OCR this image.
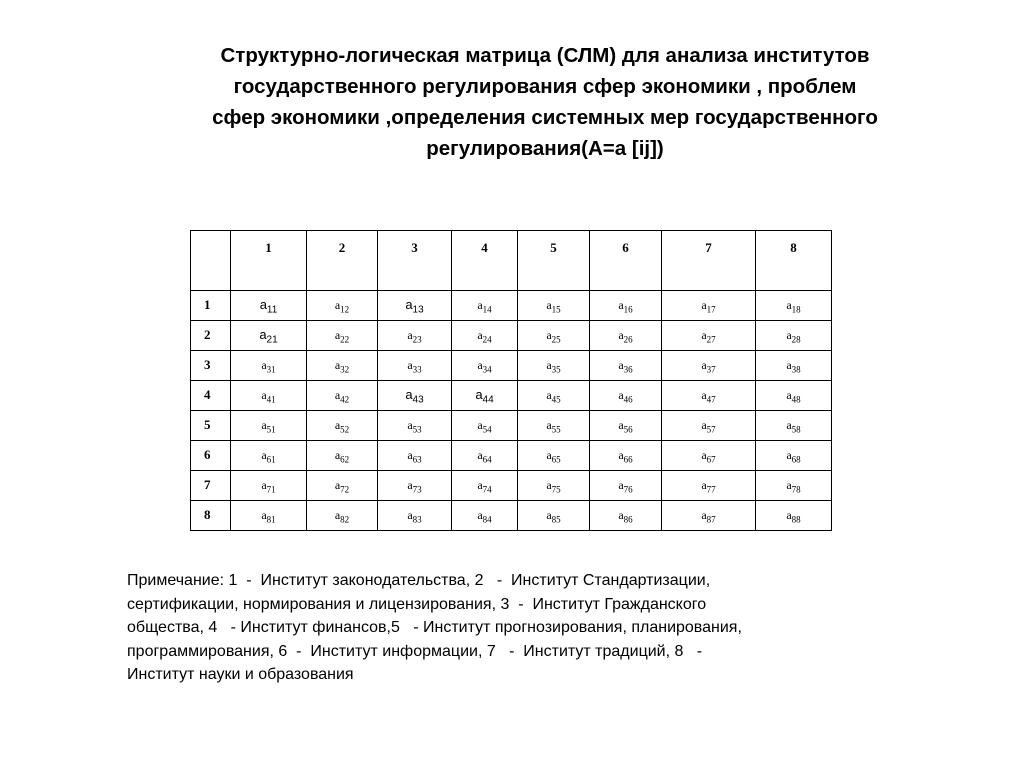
Структурно-логическая матрица (СЛМ) для анализа институтов
государственного регулирования сфер экономики , проблем
сфер экономики ,определения системных мер государственного
регулирования(А=а [ij])
	1	2	3	4	5	6	7	8
1	$а_{11}$	$а_{12}$	$а_{13}$	$а_{14}$	$а_{15}$	$а_{16}$	$а_{17}$	$а_{18}$
2	$а_{21}$	$а_{22}$	$а_{23}$	$а_{24}$	$а_{25}$	$а_{26}$	$а_{27}$	$а_{28}$
3	$а_{31}$	$а_{32}$	$а_{33}$	$а_{34}$	$а_{35}$	$а_{36}$	$а_{37}$	$а_{38}$
4	$а_{41}$	$а_{42}$	$а_{43}$	$а_{44}$	$а_{45}$	$а_{46}$	$а_{47}$	$а_{48}$
5	$а_{51}$	$а_{52}$	$а_{53}$	$а_{54}$	$а_{55}$	$а_{56}$	$а_{57}$	$а_{58}$
6	$а_{61}$	$а_{62}$	$а_{63}$	$а_{64}$	$а_{65}$	$а_{66}$	$а_{67}$	$а_{68}$
7	$а_{71}$	$а_{72}$	$а_{73}$	$а_{74}$	$а_{75}$	$а_{76}$	$а_{77}$	$а_{78}$
8	$а_{81}$	$а_{82}$	$а_{83}$	$а_{84}$	$а_{85}$	$а_{86}$	$а_{87}$	$а_{88}$

Примечание: 1  -  Институт законодательства, 2   -  Институт Стандартизации,
сертификации, нормирования и лицензирования, 3  -  Институт Гражданского
общества, 4   - Институт финансов,5   - Институт прогнозирования, планирования,
программирования, 6  -  Институт информации, 7   -  Институт традиций, 8   -
Институт науки и образования
